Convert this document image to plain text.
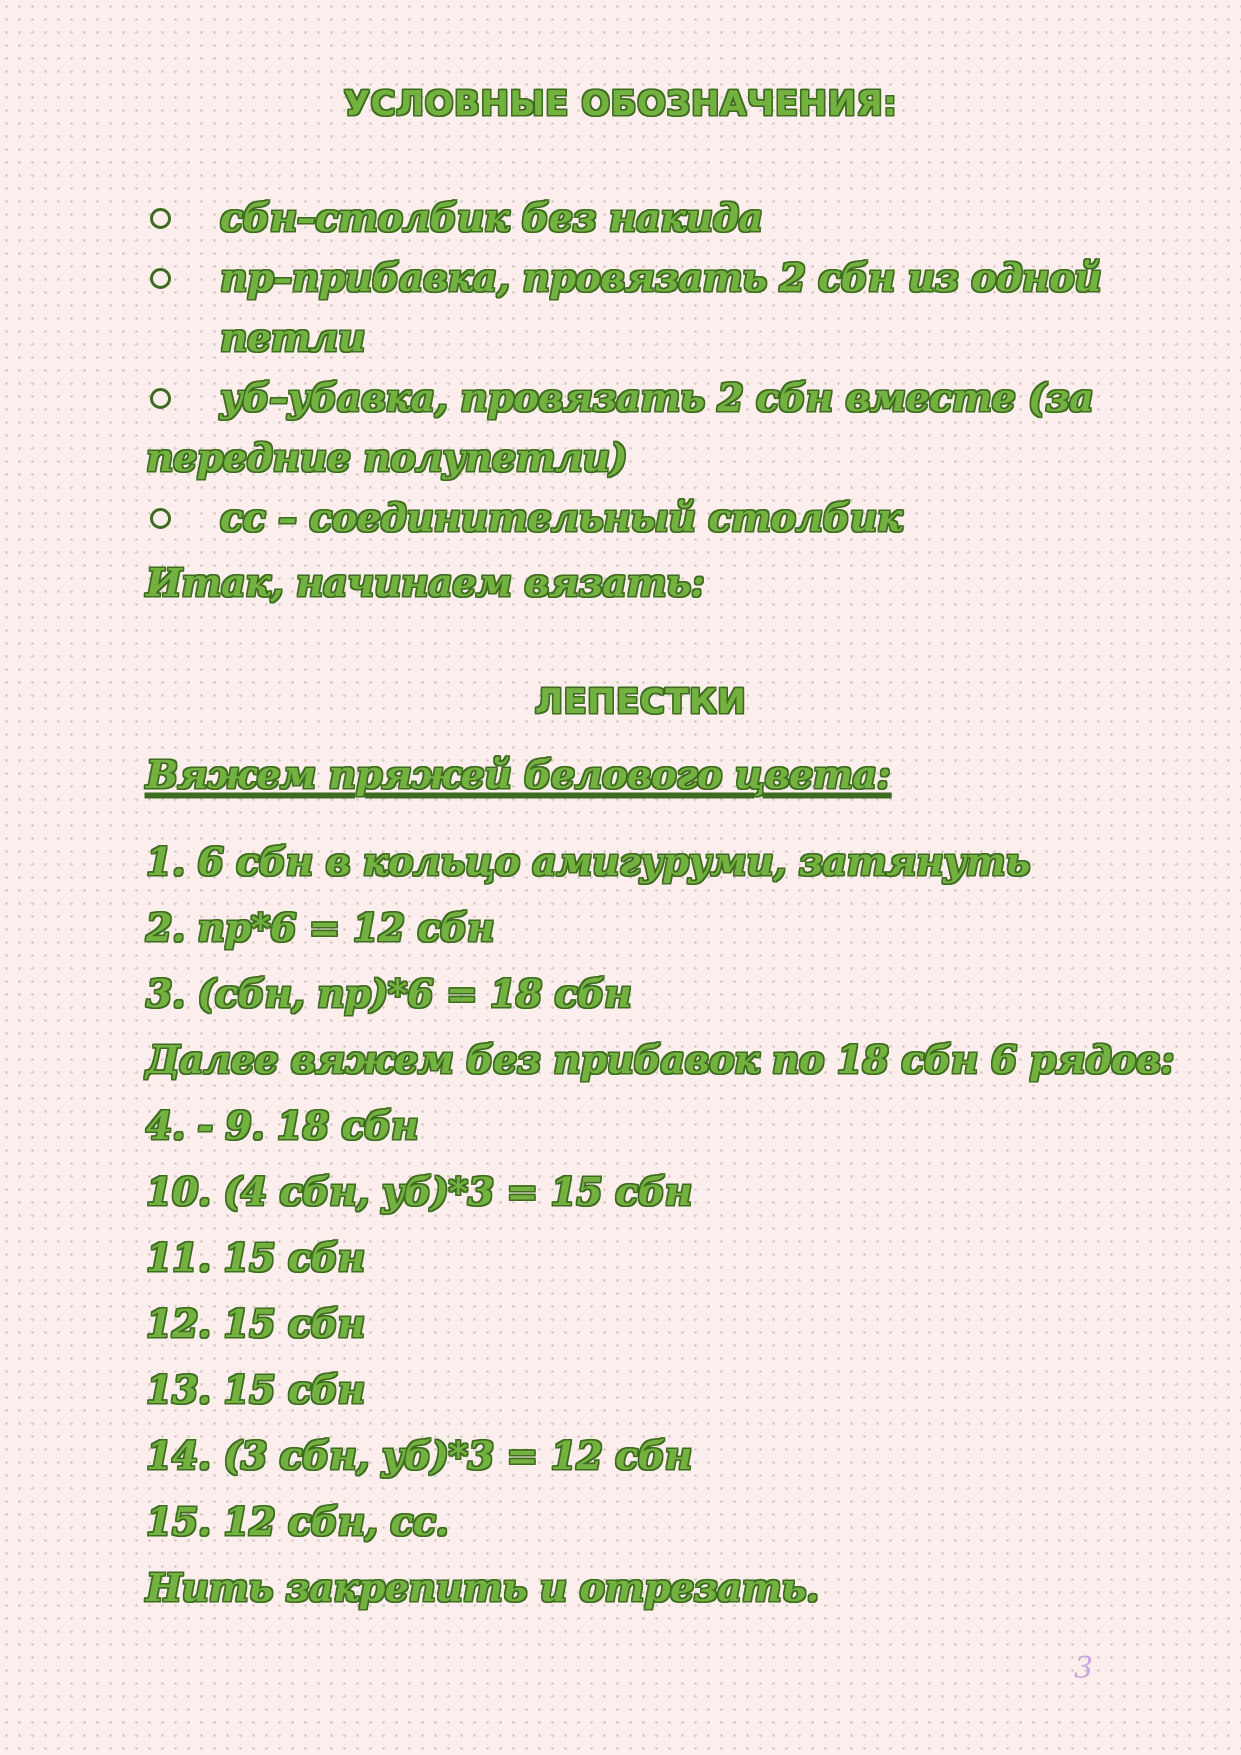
УСЛОВНЫЕ ОБОЗНАЧЕНИЯ:
сбн–столбик без накида
пр–прибавка, провязать 2 сбн из одной петли
уб–убавка, провязать 2 сбн вместе (за
передние полупетли)
cc – соединительный столбик
Итак, начинаем вязать:
ЛЕПЕСТКИ
Вяжем пряжей белового цвета:
1. 6 сбн в кольцо амигуруми, затянуть
2. пр*6 = 12 сбн
3. (сбн, пр)*6 = 18 сбн
Далее вяжем без прибавок по 18 сбн 6 рядов:
4. - 9. 18 сбн
10. (4 сбн, уб)*3 = 15 сбн
11. 15 сбн
12. 15 сбн
13. 15 сбн
14. (3 сбн, уб)*3 = 12 сбн
15. 12 сбн, сс.
Нить закрепить и отрезать.
3
